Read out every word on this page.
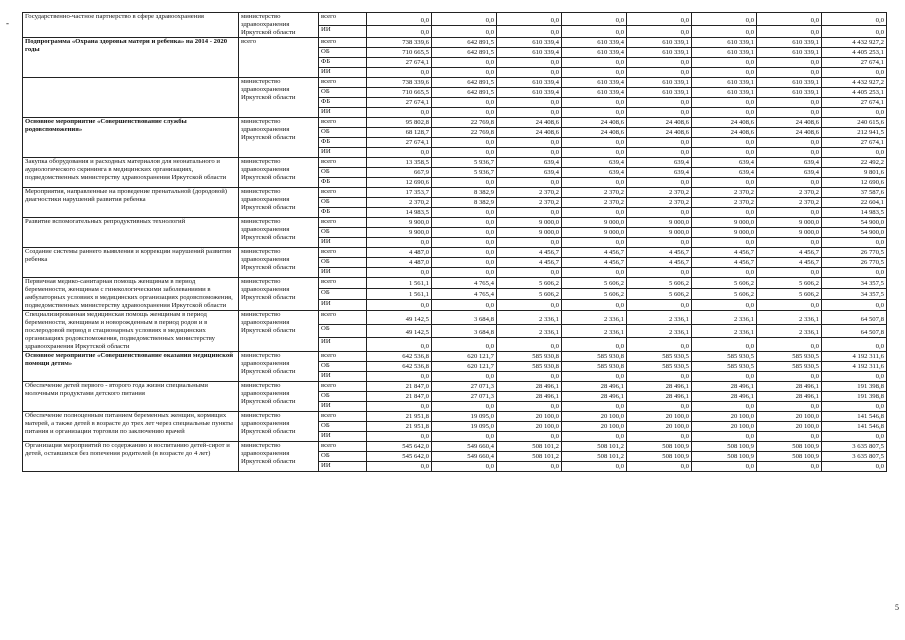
-
Государственно-частное партнерство в сфере здравоохранения	министерство здравоохранения Иркутской области	всего	0,0	0,0	0,0	0,0	0,0	0,0	0,0	0,0
		ИИ	0,0	0,0	0,0	0,0	0,0	0,0	0,0	0,0
Подпрограмма «Охрана здоровья матери и ребенка» на 2014 - 2020 годы	всего	всего	738 339,6	642 891,5	610 339,4	610 339,4	610 339,1	610 339,1	610 339,1	4 432 927,2
		ОБ	710 665,5	642 891,5	610 339,4	610 339,4	610 339,1	610 339,1	610 339,1	4 405 253,1
		ФБ	27 674,1	0,0	0,0	0,0	0,0	0,0	0,0	27 674,1
		ИИ	0,0	0,0	0,0	0,0	0,0	0,0	0,0	0,0
	министерство здравоохранения Иркутской области	всего	738 339,6	642 891,5	610 339,4	610 339,4	610 339,1	610 339,1	610 339,1	4 432 927,2
		ОБ	710 665,5	642 891,5	610 339,4	610 339,4	610 339,1	610 339,1	610 339,1	4 405 253,1
		ФБ	27 674,1	0,0	0,0	0,0	0,0	0,0	0,0	27 674,1
		ИИ	0,0	0,0	0,0	0,0	0,0	0,0	0,0	0,0
Основное мероприятие «Совершенствование службы родовспоможения»	министерство здравоохранения Иркутской области	всего	95 802,8	22 769,8	24 408,6	24 408,6	24 408,6	24 408,6	24 408,6	240 615,6
		ОБ	68 128,7	22 769,8	24 408,6	24 408,6	24 408,6	24 408,6	24 408,6	212 941,5
		ФБ	27 674,1	0,0	0,0	0,0	0,0	0,0	0,0	27 674,1
		ИИ	0,0	0,0	0,0	0,0	0,0	0,0	0,0	0,0
Закупка оборудования и расходных материалов для неонатального и аудиологического скрининга в медицинских организациях, подведомственных министерству здравоохранения Иркутской области	министерство здравоохранения Иркутской области	всего	13 358,5	5 936,7	639,4	639,4	639,4	639,4	639,4	22 492,2
		ОБ	667,9	5 936,7	639,4	639,4	639,4	639,4	639,4	9 801,6
		ФБ	12 690,6	0,0	0,0	0,0	0,0	0,0	0,0	12 690,6
Мероприятия, направленные на проведение пренатальной (дородовой) диагностики нарушений развития ребенка	министерство здравоохранения Иркутской области	всего	17 353,7	8 382,9	2 370,2	2 370,2	2 370,2	2 370,2	2 370,2	37 587,6
		ОБ	2 370,2	8 382,9	2 370,2	2 370,2	2 370,2	2 370,2	2 370,2	22 604,1
		ФБ	14 983,5	0,0	0,0	0,0	0,0	0,0	0,0	14 983,5
Развитие вспомогательных репродуктивных технологий	министерство здравоохранения Иркутской области	всего	9 900,0	0,0	9 000,0	9 000,0	9 000,0	9 000,0	9 000,0	54 900,0
		ОБ	9 900,0	0,0	9 000,0	9 000,0	9 000,0	9 000,0	9 000,0	54 900,0
		ИИ	0,0	0,0	0,0	0,0	0,0	0,0	0,0	0,0
Создание системы раннего выявления и коррекции нарушений развития ребенка	министерство здравоохранения Иркутской области	всего	4 487,0	0,0	4 456,7	4 456,7	4 456,7	4 456,7	4 456,7	26 770,5
		ОБ	4 487,0	0,0	4 456,7	4 456,7	4 456,7	4 456,7	4 456,7	26 770,5
		ИИ	0,0	0,0	0,0	0,0	0,0	0,0	0,0	0,0
Первичная медико-санитарная помощь женщинам в период беременности, женщинам с гинекологическими заболеваниями в амбулаторных условиях в медицинских организациях родовспоможения, подведомственных министерству здравоохранения Иркутской области	министерство здравоохранения Иркутской области	всего	1 561,1	4 765,4	5 606,2	5 606,2	5 606,2	5 606,2	5 606,2	34 357,5
		ОБ	1 561,1	4 765,4	5 606,2	5 606,2	5 606,2	5 606,2	5 606,2	34 357,5
		ИИ	0,0	0,0	0,0	0,0	0,0	0,0	0,0	0,0
Специализированная медицинская помощь женщинам в период беременности, женщинам и новорожденным в период родов и в послеродовой период в стационарных условиях в медицинских организациях родовспоможения, подведомственных министерству здравоохранения Иркутской области	министерство здравоохранения Иркутской области	всего	49 142,5	3 684,8	2 336,1	2 336,1	2 336,1	2 336,1	2 336,1	64 507,8
		ОБ	49 142,5	3 684,8	2 336,1	2 336,1	2 336,1	2 336,1	2 336,1	64 507,8
		ИИ	0,0	0,0	0,0	0,0	0,0	0,0	0,0	0,0
Основное мероприятие «Совершенствование оказания медицинской помощи детям»	министерство здравоохранения Иркутской области	всего	642 536,8	620 121,7	585 930,8	585 930,8	585 930,5	585 930,5	585 930,5	4 192 311,6
		ОБ	642 536,8	620 121,7	585 930,8	585 930,8	585 930,5	585 930,5	585 930,5	4 192 311,6
		ИИ	0,0	0,0	0,0	0,0	0,0	0,0	0,0	0,0
Обеспечение детей первого - второго года жизни специальными молочными продуктами детского питания	министерство здравоохранения Иркутской области	всего	21 847,0	27 071,3	28 496,1	28 496,1	28 496,1	28 496,1	28 496,1	191 398,8
		ОБ	21 847,0	27 071,3	28 496,1	28 496,1	28 496,1	28 496,1	28 496,1	191 398,8
		ИИ	0,0	0,0	0,0	0,0	0,0	0,0	0,0	0,0
Обеспечение полноценным питанием беременных женщин, кормящих матерей, а также детей в возрасте до трех лет через специальные пункты питания и организации торговли по заключению врачей	министерство здравоохранения Иркутской области	всего	21 951,8	19 095,0	20 100,0	20 100,0	20 100,0	20 100,0	20 100,0	141 546,8
		ОБ	21 951,8	19 095,0	20 100,0	20 100,0	20 100,0	20 100,0	20 100,0	141 546,8
		ИИ	0,0	0,0	0,0	0,0	0,0	0,0	0,0	0,0
Организация мероприятий по содержанию и воспитанию детей-сирот и детей, оставшихся без попечения родителей (в возрасте до 4 лет)	министерство здравоохранения Иркутской области	всего	545 642,0	549 660,4	508 101,2	508 101,2	508 100,9	508 100,9	508 100,9	3 635 807,5
		ОБ	545 642,0	549 660,4	508 101,2	508 101,2	508 100,9	508 100,9	508 100,9	3 635 807,5
		ИИ	0,0	0,0	0,0	0,0	0,0	0,0	0,0	0,0
5
